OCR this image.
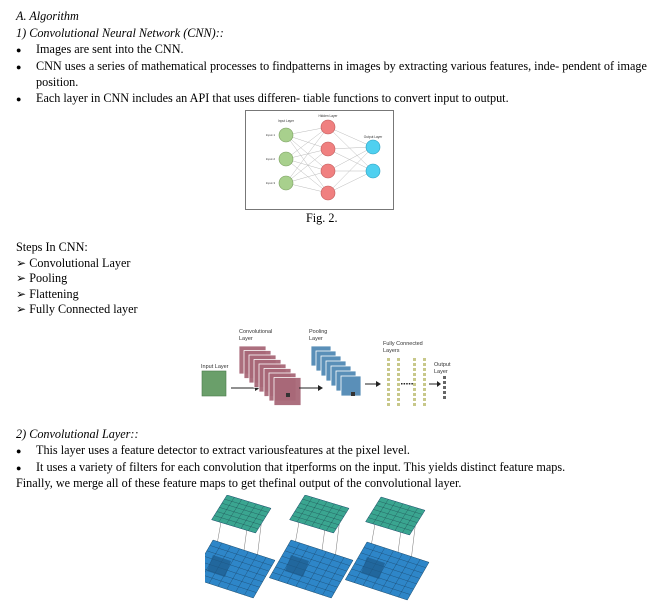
A. Algorithm
1) Convolutional Neural Network (CNN)::
● Images are sent into the CNN.
● CNN uses a series of mathematical processes to findpatterns in images by extracting various features, inde- pendent of image
position.
● Each layer in CNN includes an API that uses differen- tiable functions to convert input to output.
Input 1
Input 2
Input 3
Input Layer
Hidden Layer
Output Layer
Fig. 2.
Steps In CNN:
➢ Convolutional Layer
➢ Pooling
➢ Flattening
➢ Fully Connected layer
Input Layer
Convolutional
Layer
Pooling
Layer
Fully Connected
Layers
Output
Layer
2) Convolutional Layer::
● This layer uses a feature detector to extract variousfeatures at the pixel level.
● It uses a variety of filters for each convolution that itperforms on the input. This yields distinct feature maps.
Finally, we merge all of these feature maps to get thefinal output of the convolutional layer.
